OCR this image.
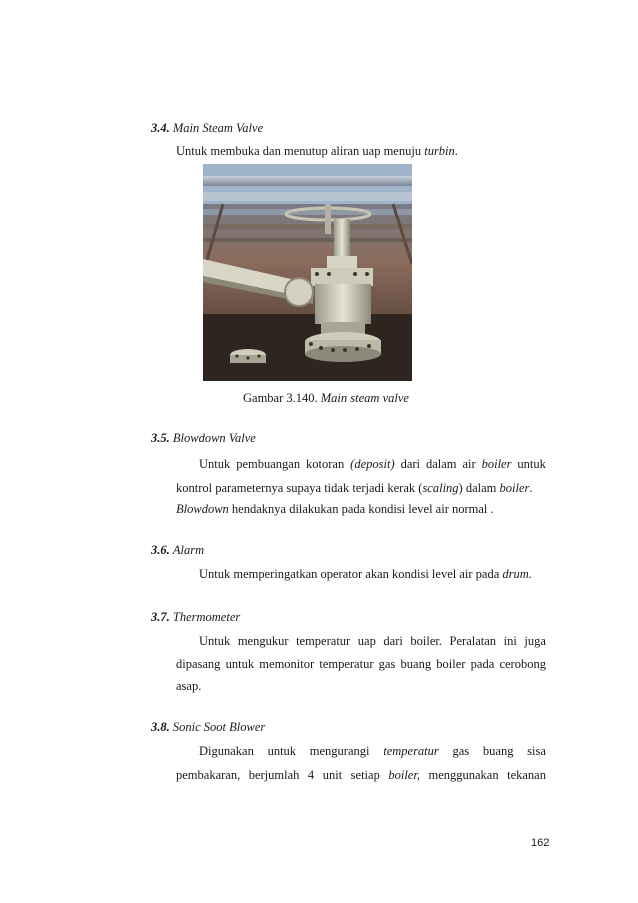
3.4. Main Steam Valve
Untuk membuka dan menutup aliran uap menuju turbin.
Gambar 3.140. Main steam valve
3.5. Blowdown Valve
Untuk pembuangan kotoran (deposit) dari dalam air boiler untuk
kontrol parameternya supaya tidak terjadi kerak (scaling) dalam boiler.
Blowdown hendaknya dilakukan pada kondisi level air normal .
3.6. Alarm
Untuk memperingatkan operator akan kondisi level air pada drum.
3.7. Thermometer
Untuk mengukur temperatur uap dari boiler. Peralatan ini juga
dipasang untuk memonitor temperatur gas buang boiler pada cerobong
asap.
3.8. Sonic Soot Blower
Digunakan untuk mengurangi temperatur gas buang sisa
pembakaran, berjumlah 4 unit setiap boiler, menggunakan tekanan
162
